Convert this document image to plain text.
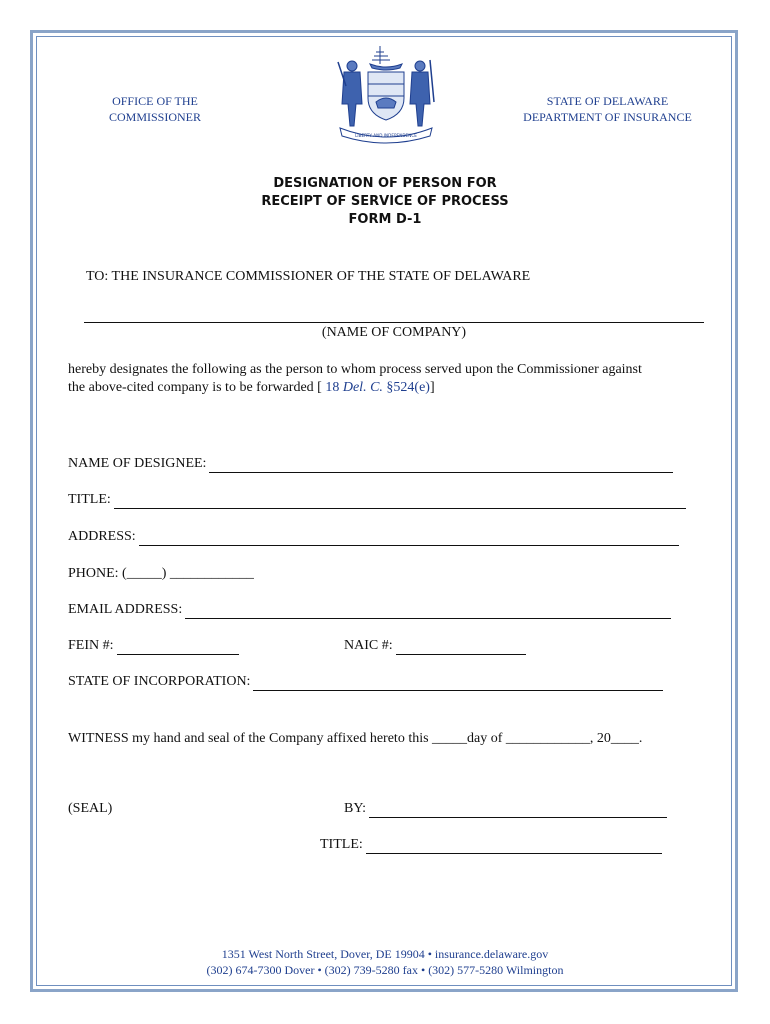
OFFICE OF THE
COMMISSIONER
LIBERTY AND INDEPENDENCE
STATE OF DELAWARE
DEPARTMENT OF INSURANCE
DESIGNATION OF PERSON FOR
RECEIPT OF SERVICE OF PROCESS
FORM D-1
TO: THE INSURANCE COMMISSIONER OF THE STATE OF DELAWARE
(NAME OF COMPANY)
hereby designates the following as the person to whom process served upon the Commissioner against
the above-cited company is to be forwarded [ 18 Del. C. §524(e)]
NAME OF DESIGNEE:
TITLE:
ADDRESS:
PHONE: (_____) ____________
EMAIL ADDRESS:
FEIN #:	NAIC #:
STATE OF INCORPORATION:
WITNESS my hand and seal of the Company affixed hereto this _____day of ____________, 20____.
(SEAL)	BY:
TITLE:
1351 West North Street, Dover, DE 19904 • insurance.delaware.gov
(302) 674-7300 Dover • (302) 739-5280 fax • (302) 577-5280 Wilmington
